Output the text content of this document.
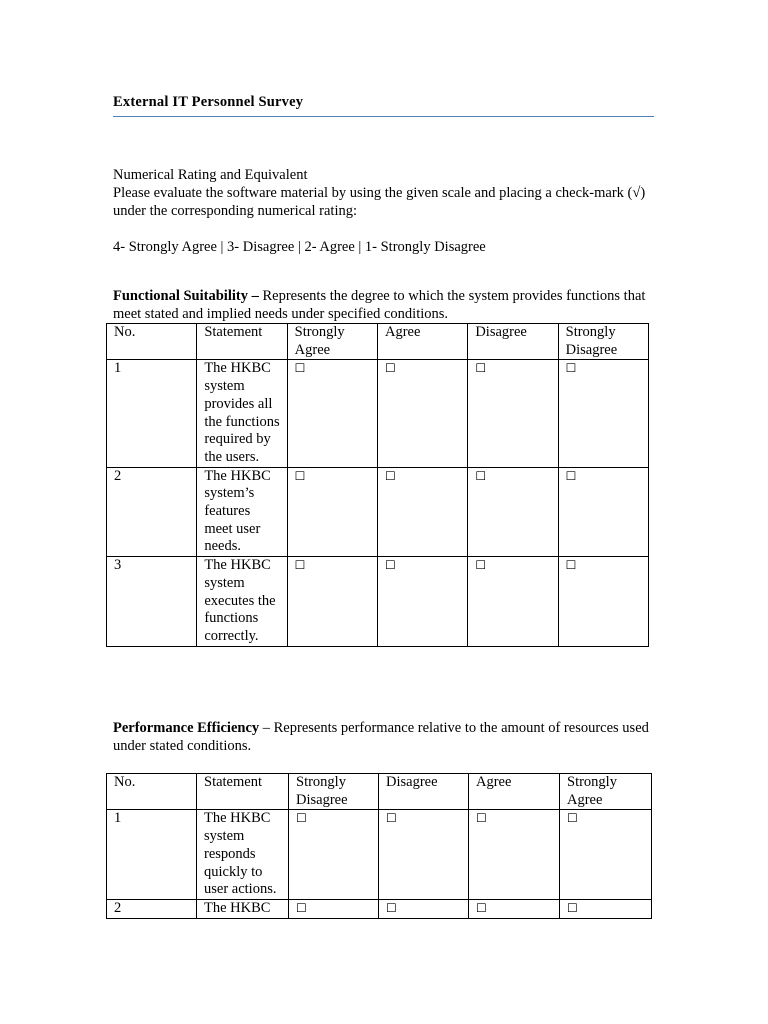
External IT Personnel Survey
Numerical Rating and Equivalent
Please evaluate the software material by using the given scale and placing a check-mark (√) under the corresponding numerical rating:
4- Strongly Agree | 3- Disagree | 2- Agree | 1- Strongly Disagree
Functional Suitability – Represents the degree to which the system provides functions that meet stated and implied needs under specified conditions.
No.	Statement	Strongly Agree	Agree	Disagree	Strongly Disagree
1	The HKBC system provides all the functions required by the users.	☐	☐	☐	☐
2	The HKBC system’s features meet user needs.	☐	☐	☐	☐
3	The HKBC system executes the functions correctly.	☐	☐	☐	☐
Performance Efficiency – Represents performance relative to the amount of resources used under stated conditions.
No.	Statement	Strongly Disagree	Disagree	Agree	Strongly Agree
1	The HKBC system responds quickly to user actions.	☐	☐	☐	☐
2	The HKBC	☐	☐	☐	☐
